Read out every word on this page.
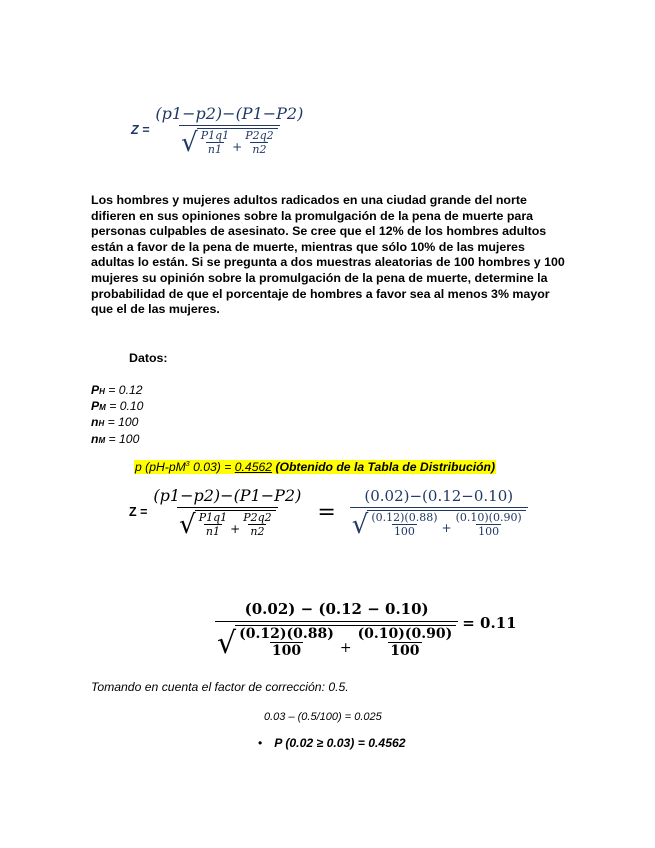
Z =
(p1−p2)−(P1−P2)
√ $\frac{P1q1}{n1} + \frac{P2q2}{n2}$
Los hombres y mujeres adultos radicados en una ciudad grande del norte difieren en sus opiniones sobre la promulgación de la pena de muerte para personas culpables de asesinato. Se cree que el 12% de los hombres adultos están a favor de la pena de muerte, mientras que sólo 10% de las mujeres adultas lo están. Si se pregunta a dos muestras aleatorias de 100 hombres y 100 mujeres su opinión sobre la promulgación de la pena de muerte, determine la probabilidad de que el porcentaje de hombres a favor sea al menos 3% mayor que el de las mujeres.
Datos:
PH = 0.12
PM = 0.10
nH = 100
nM = 100
p ($pH-pM^3$ 0.03) = 0.4562 (Obtenido de la Tabla de Distribución)
Z =
(p1−p2)−(P1−P2)
√ $\frac{P1q1}{n1} + \frac{P2q2}{n2}$ =
(0.02)−(0.12−0.10)
√ $\frac{(0.12)(0.88)}{100} + \frac{(0.10)(0.90)}{100}$
(𝟎.𝟎𝟐) − (𝟎.𝟏𝟐 − 𝟎.𝟏𝟎)
√ $\frac{(𝟎.𝟏𝟐)(𝟎.𝟖𝟖)}{𝟏𝟎𝟎} + \frac{(𝟎.𝟏𝟎)(𝟎.𝟗𝟎)}{𝟏𝟎𝟎}$
= 𝟎.𝟏𝟏
Tomando en cuenta el factor de corrección: 0.5.
0.03 – (0.5/100) = 0.025
• P (0.02 ≥ 0.03) = 0.4562
